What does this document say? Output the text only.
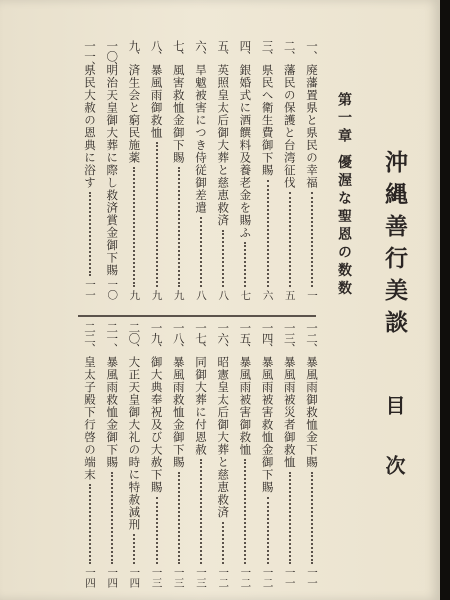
沖縄善行美談
目次
第一章 優渥な聖恩の数数
一、
廃藩置県と県民の幸福
一
二、
藩民の保護と台湾征伐
五
三、
県民へ衛生費御下賜
六
四、
銀婚式に酒饌料及養老金を賜ふ
七
五、
英照皇太后御大葬と慈恵救済
八
六、
旱魃被害につき侍従御差遣
八
七、
風害救恤金御下賜
九
八、
暴風雨御救恤
九
九、
済生会と窮民施薬
九
一〇、
明治天皇御大葬に際し救済賞金御下賜
一〇
一一、
県民大赦の恩典に浴す
一一
一二、
暴風雨御救恤金下賜
一一
一三、
暴風雨被災者御救恤
一一
一四、
暴風雨被害救恤金御下賜
一二
一五、
暴風雨被害御救恤
一二
一六、
昭憲皇太后御大葬と慈恵救済
一二
一七、
同御大葬に付恩赦
一三
一八、
暴風雨救恤金御下賜
一三
一九、
御大典奉祝及び大赦下賜
一三
二〇、
大正天皇御大礼の時に特赦減刑
一四
二一、
暴風雨救恤金御下賜
一四
二二、
皇太子殿下行啓の端末
一四
